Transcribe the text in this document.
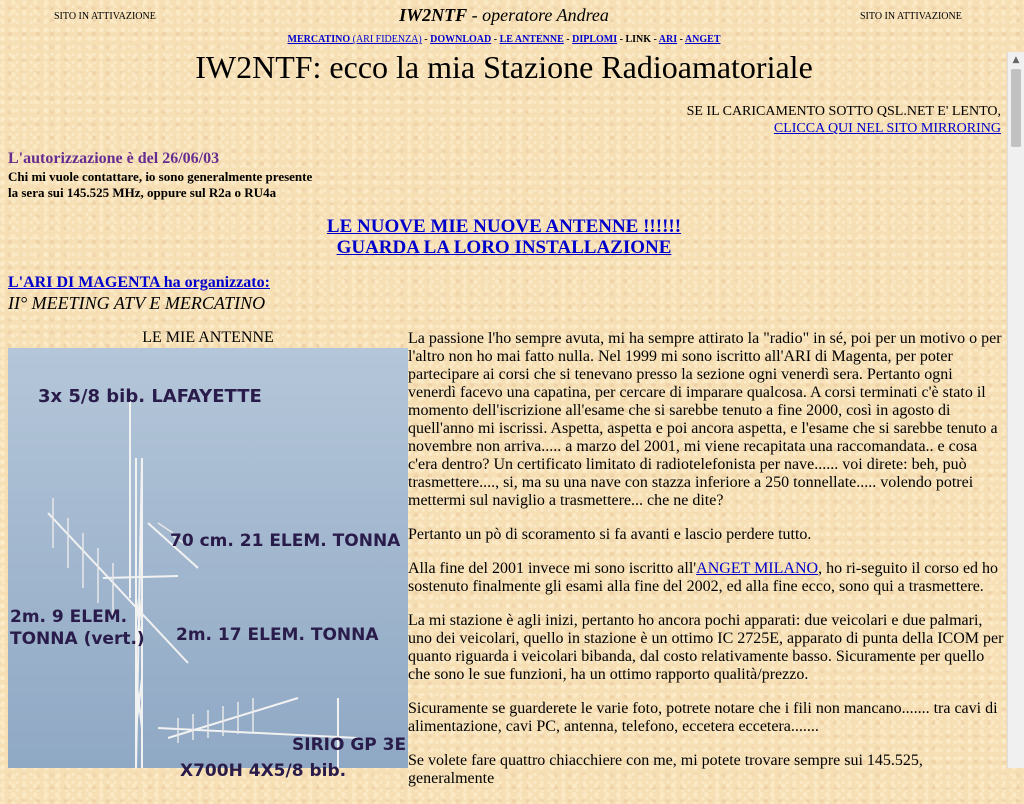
SITO IN ATTIVAZIONE	IW2NTF - operatore Andrea	SITO IN ATTIVAZIONE
MERCATINO (ARI FIDENZA) - DOWNLOAD - LE ANTENNE - DIPLOMI - LINK - ARI - ANGET
IW2NTF: ecco la mia Stazione Radioamatoriale
SE IL CARICAMENTO SOTTO QSL.NET E' LENTO,
CLICCA QUI NEL SITO MIRRORING
L'autorizzazione è del 26/06/03
Chi mi vuole contattare, io sono generalmente presente
la sera sui 145.525 MHz, oppure sul R2a o RU4a
LE NUOVE MIE NUOVE ANTENNE !!!!!!
GUARDA LA LORO INSTALLAZIONE
L'ARI DI MAGENTA ha organizzato:
II° MEETING ATV E MERCATINO
LE MIE ANTENNE
3x 5/8 bib. LAFAYETTE
70 cm. 21 ELEM. TONNA
2m. 9 ELEM.
TONNA (vert.) 2m. 17 ELEM. TONNA
SIRIO GP 3E
X700H 4X5/8 bib.

La passione l'ho sempre avuta, mi ha sempre attirato la "radio" in sé, poi per un motivo o per l'altro non ho mai fatto nulla. Nel 1999 mi sono iscritto all'ARI di Magenta, per poter partecipare ai corsi che si tenevano presso la sezione ogni venerdì sera. Pertanto ogni venerdì facevo una capatina, per cercare di imparare qualcosa. A corsi terminati c'è stato il momento dell'iscrizione all'esame che si sarebbe tenuto a fine 2000, così in agosto di quell'anno mi iscrissi. Aspetta, aspetta e poi ancora aspetta, e l'esame che si sarebbe tenuto a novembre non arriva..... a marzo del 2001, mi viene recapitata una raccomandata.. e cosa c'era dentro? Un certificato limitato di radiotelefonista per nave...... voi direte: beh, può trasmettere...., si, ma su una nave con stazza inferiore a 250 tonnellate..... volendo potrei mettermi sul naviglio a trasmettere... che ne dite?

Pertanto un pò di scoramento si fa avanti e lascio perdere tutto.

Alla fine del 2001 invece mi sono iscritto all'ANGET MILANO, ho ri-seguito il corso ed ho sostenuto finalmente gli esami alla fine del 2002, ed alla fine ecco, sono qui a trasmettere.

La mi stazione è agli inizi, pertanto ho ancora pochi apparati: due veicolari e due palmari, uno dei veicolari, quello in stazione è un ottimo IC 2725E, apparato di punta della ICOM per quanto riguarda i veicolari bibanda, dal costo relativamente basso. Sicuramente per quello che sono le sue funzioni, ha un ottimo rapporto qualità/prezzo.

Sicuramente se guarderete le varie foto, potrete notare che i fili non mancano....... tra cavi di alimentazione, cavi PC, antenna, telefono, eccetera eccetera.......

Se volete fare quattro chiacchiere con me, mi potete trovare sempre sui 145.525, generalmente

▲
